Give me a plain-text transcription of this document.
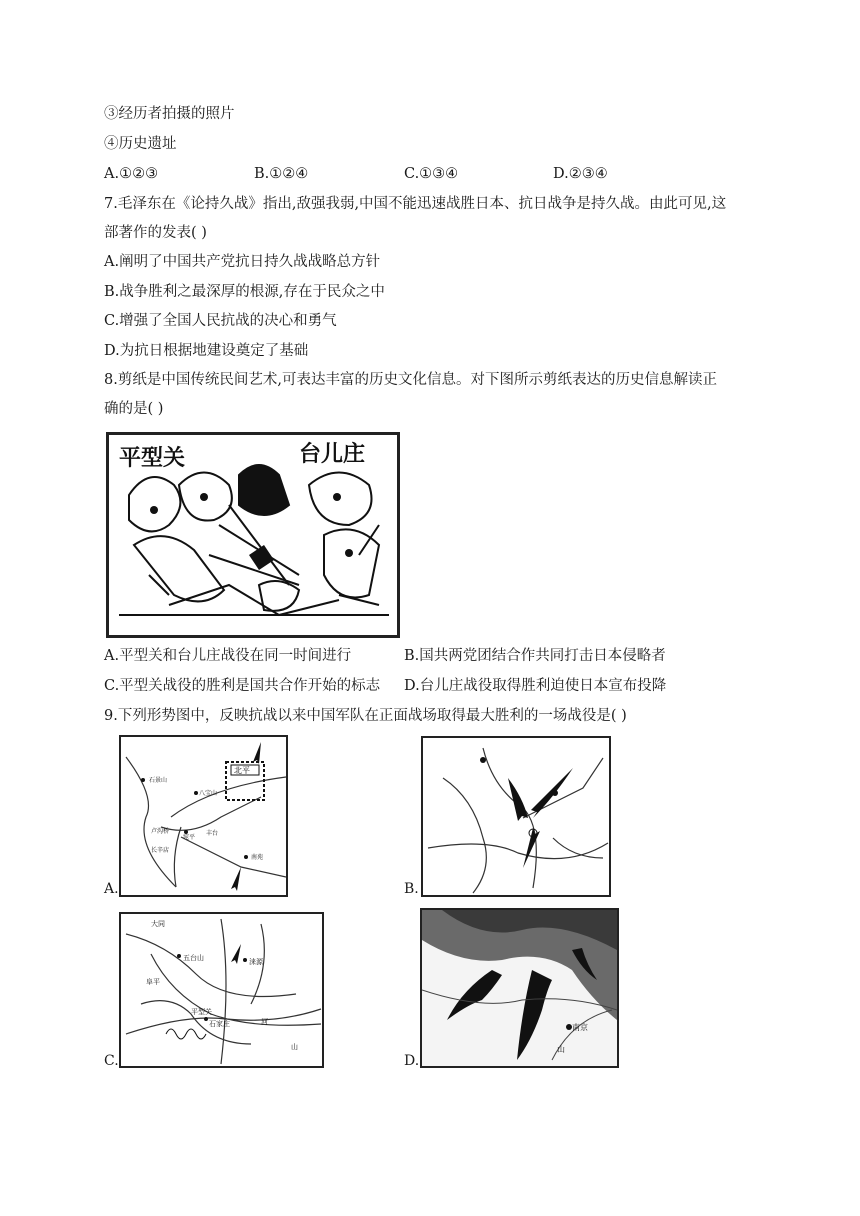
③经历者拍摄的照片
④历史遗址
A.①②③	B.①②④	C.①③④	D.②③④
7.毛泽东在《论持久战》指出,敌强我弱,中国不能迅速战胜日本、抗日战争是持久战。由此可见,这
部著作的发表( )
A.阐明了中国共产党抗日持久战战略总方针
B.战争胜利之最深厚的根源,存在于民众之中
C.增强了全国人民抗战的决心和勇气
D.为抗日根据地建设奠定了基础
8.剪纸是中国传统民间艺术,可表达丰富的历史文化信息。对下图所示剪纸表达的历史信息解读正
确的是( )
平型关	台儿庄
A.平型关和台儿庄战役在同一时间进行	B.国共两党团结合作共同打击日本侵略者
C.平型关战役的胜利是国共合作开始的标志 D.台儿庄战役取得胜利迫使日本宣布投降
9.下列形势图中，反映抗战以来中国军队在正面战场取得最大胜利的一场战役是( )
A.
北平
石景山
八宝山
卢沟桥
宛平
丰台
长辛店
南苑
B.
C.
大同
五台山
阜平
涞源
石家庄
平型关
山
河
D.
南京
山
